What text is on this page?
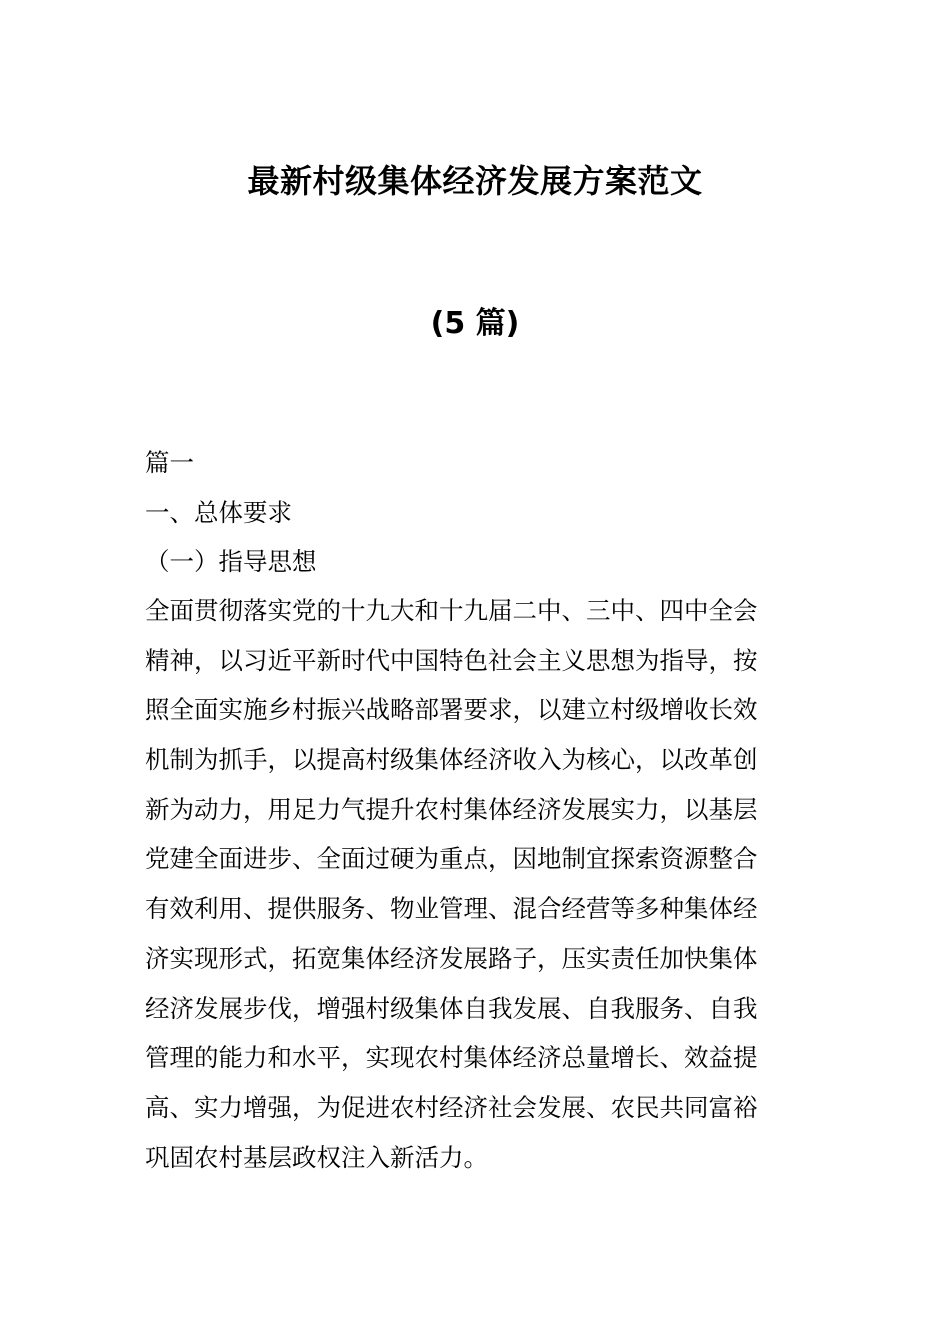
最新村级集体经济发展方案范文
(5 篇)
篇一
一、总体要求
（一）指导思想
全面贯彻落实党的十九大和十九届二中、三中、四中全会
精神，以习近平新时代中国特色社会主义思想为指导，按
照全面实施乡村振兴战略部署要求，以建立村级增收长效
机制为抓手，以提高村级集体经济收入为核心，以改革创
新为动力，用足力气提升农村集体经济发展实力，以基层
党建全面进步、全面过硬为重点，因地制宜探索资源整合
有效利用、提供服务、物业管理、混合经营等多种集体经
济实现形式，拓宽集体经济发展路子，压实责任加快集体
经济发展步伐，增强村级集体自我发展、自我服务、自我
管理的能力和水平，实现农村集体经济总量增长、效益提
高、实力增强，为促进农村经济社会发展、农民共同富裕
巩固农村基层政权注入新活力。
